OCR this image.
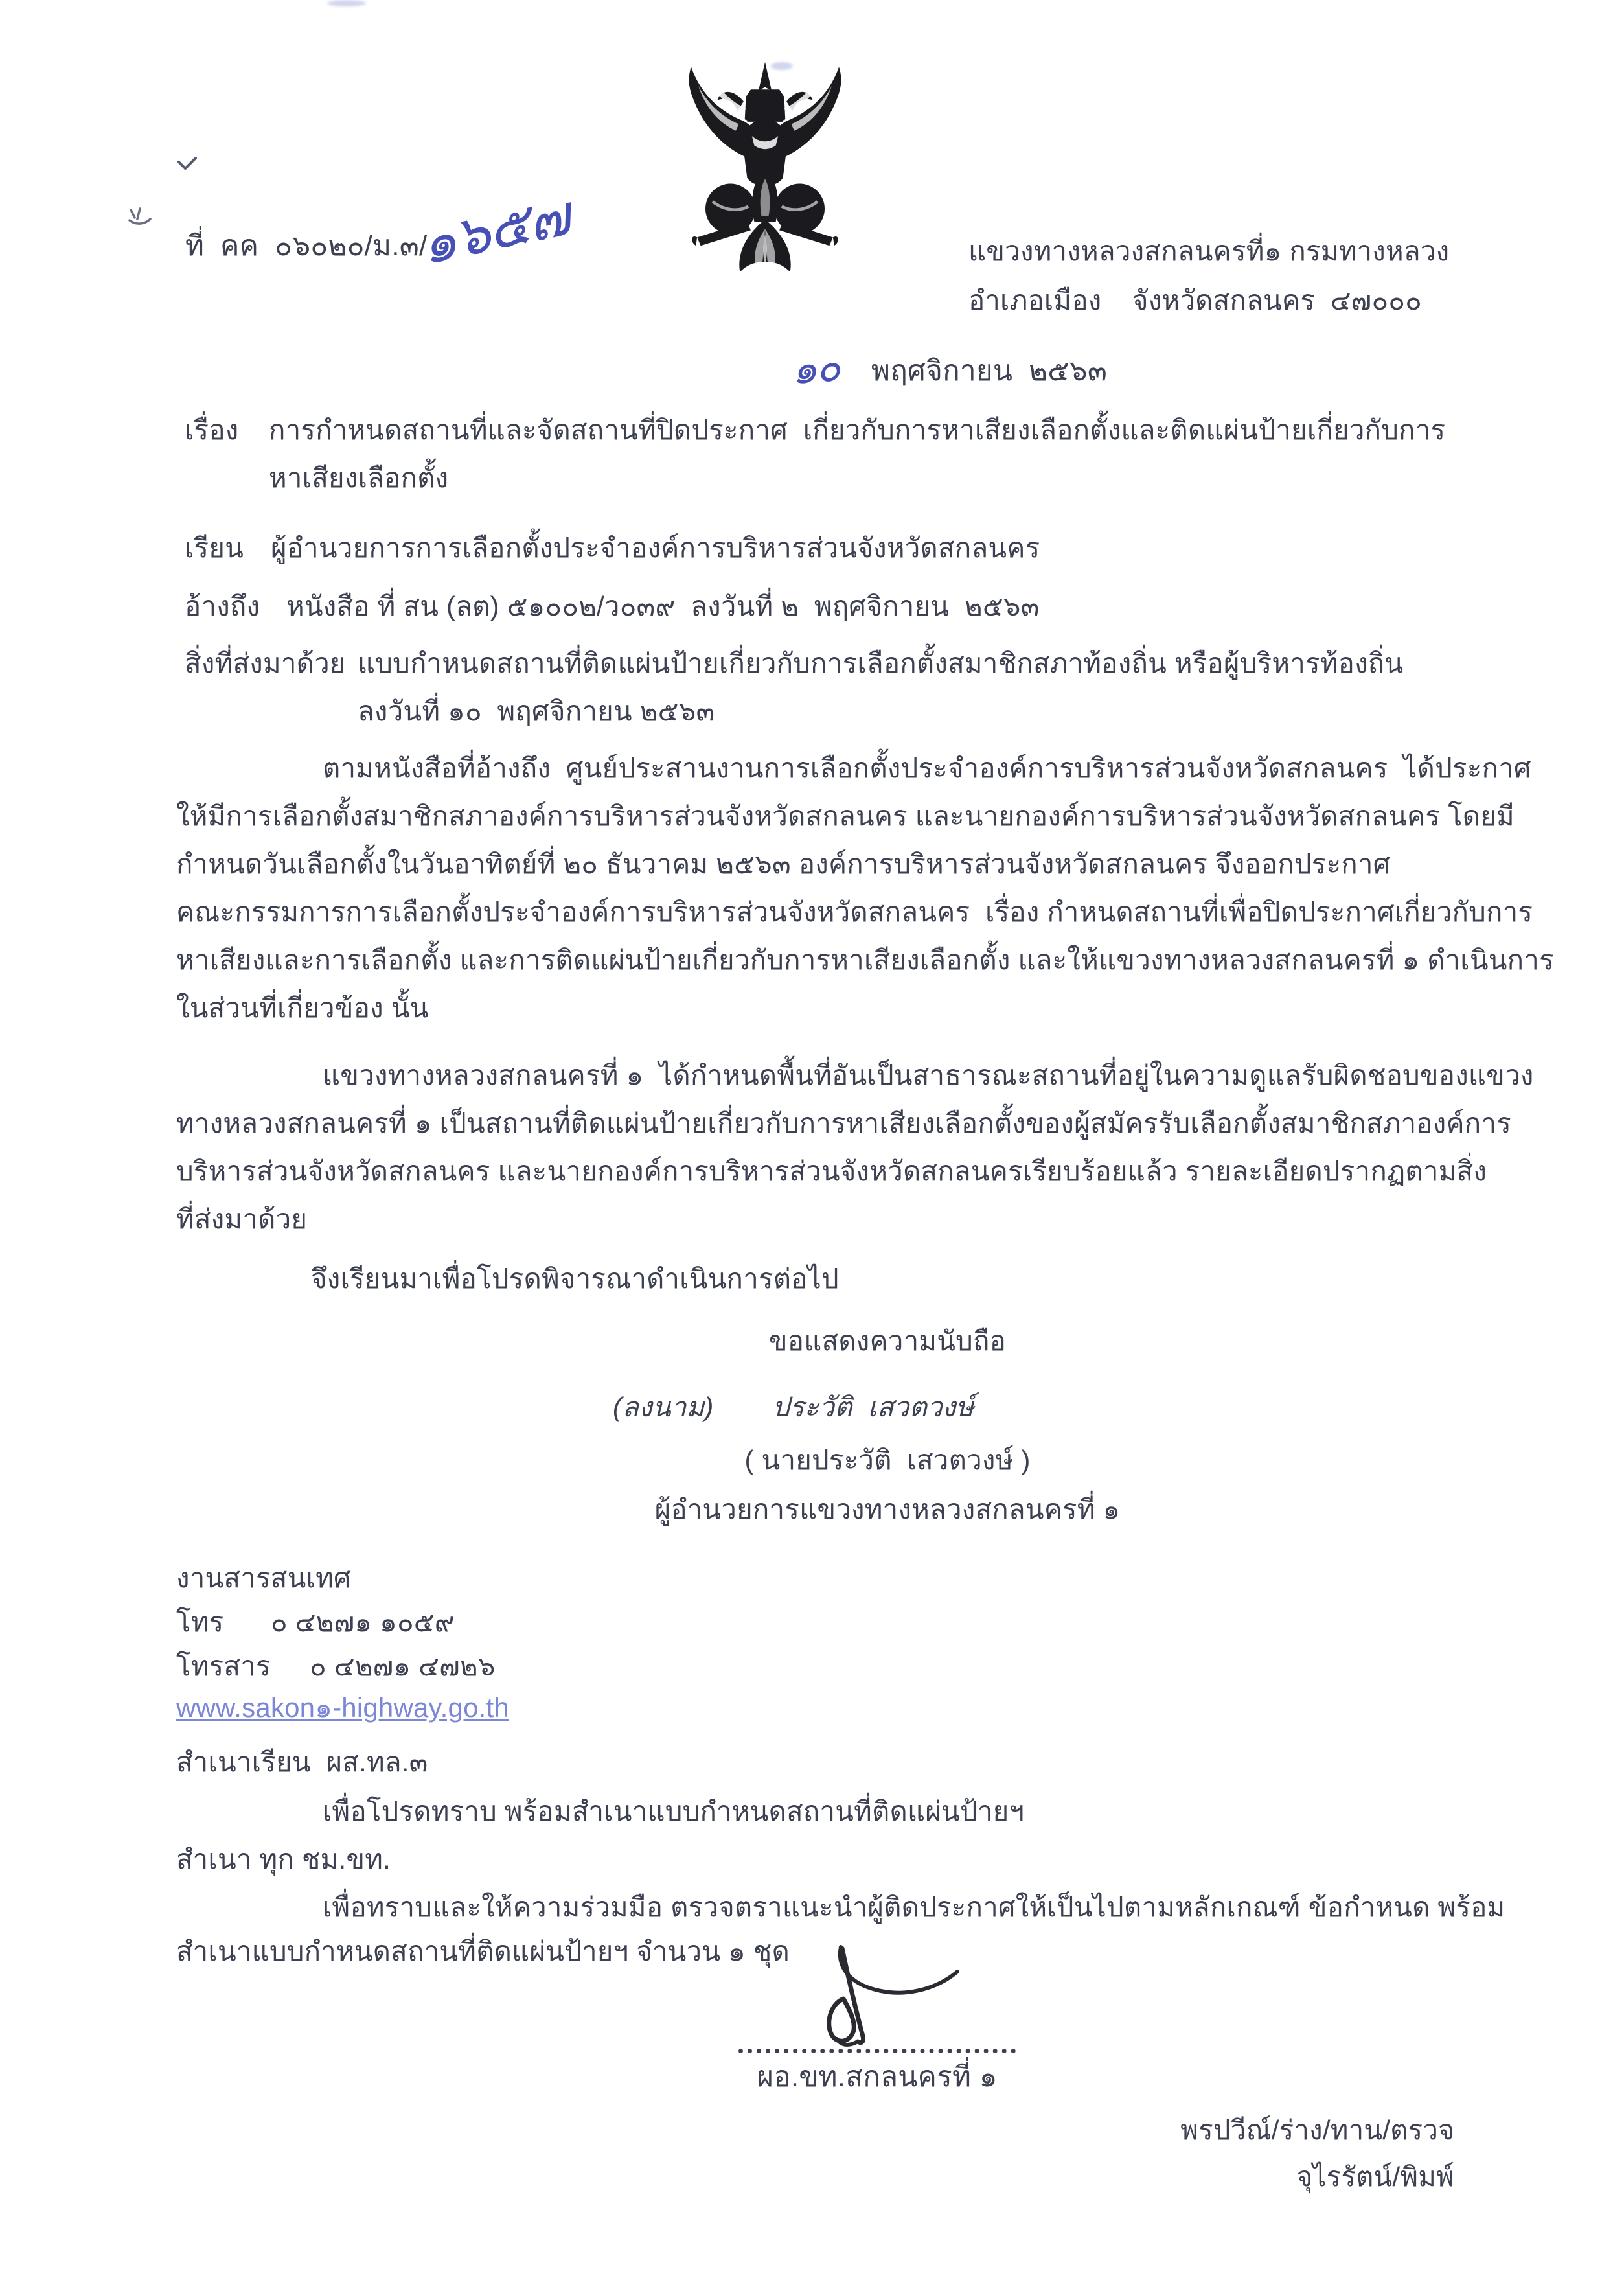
ที่  คค  ๐๖๐๒๐/ม.๓/
๑๖๕๗	แขวงทางหลวงสกลนครที่๑ กรมทางหลวง
อำเภอเมือง    จังหวัดสกลนคร  ๔๗๐๐๐
๑๐ พฤศจิกายน  ๒๕๖๓
เรื่อง การกำหนดสถานที่และจัดสถานที่ปิดประกาศ  เกี่ยวกับการหาเสียงเลือกตั้งและติดแผ่นป้ายเกี่ยวกับการ
หาเสียงเลือกตั้ง
เรียน ผู้อำนวยการการเลือกตั้งประจำองค์การบริหารส่วนจังหวัดสกลนคร
อ้างถึง หนังสือ ที่ สน (ลต) ๕๑๐๐๒/ว๐๓๙  ลงวันที่ ๒  พฤศจิกายน  ๒๕๖๓
สิ่งที่ส่งมาด้วย แบบกำหนดสถานที่ติดแผ่นป้ายเกี่ยวกับการเลือกตั้งสมาชิกสภาท้องถิ่น หรือผู้บริหารท้องถิ่น
ลงวันที่ ๑๐  พฤศจิกายน ๒๕๖๓
ตามหนังสือที่อ้างถึง  ศูนย์ประสานงานการเลือกตั้งประจำองค์การบริหารส่วนจังหวัดสกลนคร  ได้ประกาศ
ให้มีการเลือกตั้งสมาชิกสภาองค์การบริหารส่วนจังหวัดสกลนคร และนายกองค์การบริหารส่วนจังหวัดสกลนคร โดยมี
กำหนดวันเลือกตั้งในวันอาทิตย์ที่ ๒๐ ธันวาคม ๒๕๖๓ องค์การบริหารส่วนจังหวัดสกลนคร จึงออกประกาศ
คณะกรรมการการเลือกตั้งประจำองค์การบริหารส่วนจังหวัดสกลนคร  เรื่อง กำหนดสถานที่เพื่อปิดประกาศเกี่ยวกับการ
หาเสียงและการเลือกตั้ง และการติดแผ่นป้ายเกี่ยวกับการหาเสียงเลือกตั้ง และให้แขวงทางหลวงสกลนครที่ ๑ ดำเนินการ
ในส่วนที่เกี่ยวข้อง นั้น
แขวงทางหลวงสกลนครที่ ๑  ได้กำหนดพื้นที่อันเป็นสาธารณะสถานที่อยู่ในความดูแลรับผิดชอบของแขวง
ทางหลวงสกลนครที่ ๑ เป็นสถานที่ติดแผ่นป้ายเกี่ยวกับการหาเสียงเลือกตั้งของผู้สมัครรับเลือกตั้งสมาชิกสภาองค์การ
บริหารส่วนจังหวัดสกลนคร และนายกองค์การบริหารส่วนจังหวัดสกลนครเรียบร้อยแล้ว รายละเอียดปรากฏตามสิ่ง
ที่ส่งมาด้วย
จึงเรียนมาเพื่อโปรดพิจารณาดำเนินการต่อไป
ขอแสดงความนับถือ
(ลงนาม) ประวัติ  เสวตวงษ์
( นายประวัติ  เสวตวงษ์ )
ผู้อำนวยการแขวงทางหลวงสกลนครที่ ๑
งานสารสนเทศ
โทร ๐ ๔๒๗๑ ๑๐๕๙
โทรสาร ๐ ๔๒๗๑ ๔๗๒๖
www.sakon๑-highway.go.th
สำเนาเรียน  ผส.ทล.๓
เพื่อโปรดทราบ พร้อมสำเนาแบบกำหนดสถานที่ติดแผ่นป้ายฯ
สำเนา ทุก ชม.ขท.
เพื่อทราบและให้ความร่วมมือ ตรวจตราแนะนำผู้ติดประกาศให้เป็นไปตามหลักเกณฑ์ ข้อกำหนด พร้อม
สำเนาแบบกำหนดสถานที่ติดแผ่นป้ายฯ จำนวน ๑ ชุด
ผอ.ขท.สกลนครที่ ๑
พรปวีณ์/ร่าง/ทาน/ตรวจ
จุไรรัตน์/พิมพ์
